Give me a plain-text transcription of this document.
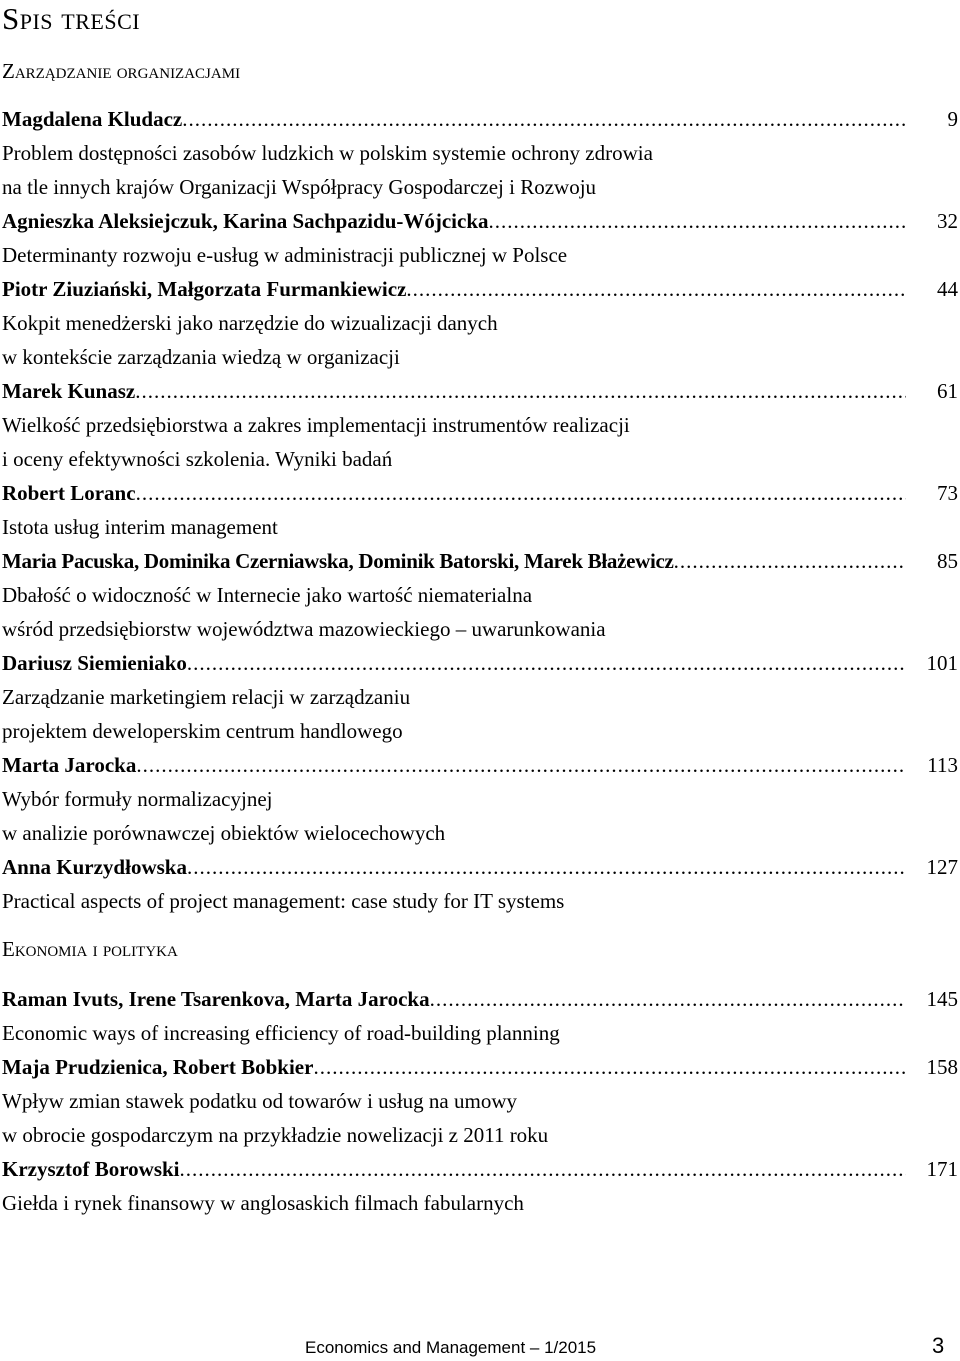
Spis treści
Zarządzanie organizacjami
Magdalena Kludacz .....	9
Problem dostępności zasobów ludzkich w polskim systemie ochrony zdrowia
na tle innych krajów Organizacji Współpracy Gospodarczej i Rozwoju
Agnieszka Aleksiejczuk, Karina Sachpazidu-Wójcicka .....	32
Determinanty rozwoju e-usług w administracji publicznej w Polsce
Piotr Ziuziański, Małgorzata Furmankiewicz .....	44
Kokpit menedżerski jako narzędzie do wizualizacji danych
w kontekście zarządzania wiedzą w organizacji
Marek Kunasz .....	61
Wielkość przedsiębiorstwa a zakres implementacji instrumentów realizacji
i oceny efektywności szkolenia. Wyniki badań
Robert Loranc .....	73
Istota usług interim management
Maria Pacuska, Dominika Czerniawska, Dominik Batorski, Marek Błażewicz .....	85
Dbałość o widoczność w Internecie jako wartość niematerialna
wśród przedsiębiorstw województwa mazowieckiego – uwarunkowania
Dariusz Siemieniako .....	101
Zarządzanie marketingiem relacji w zarządzaniu
projektem deweloperskim centrum handlowego
Marta Jarocka .....	113
Wybór formuły normalizacyjnej
w analizie porównawczej obiektów wielocechowych
Anna Kurzydłowska .....	127
Practical aspects of project management: case study for IT systems
Ekonomia i polityka
Raman Ivuts, Irene Tsarenkova, Marta Jarocka .....	145
Economic ways of increasing efficiency of road-building planning
Maja Prudzienica, Robert Bobkier .....	158
Wpływ zmian stawek podatku od towarów i usług na umowy
w obrocie gospodarczym na przykładzie nowelizacji z 2011 roku
Krzysztof Borowski .....	171
Giełda i rynek finansowy w anglosaskich filmach fabularnych
Economics and Management – 1/2015	3
